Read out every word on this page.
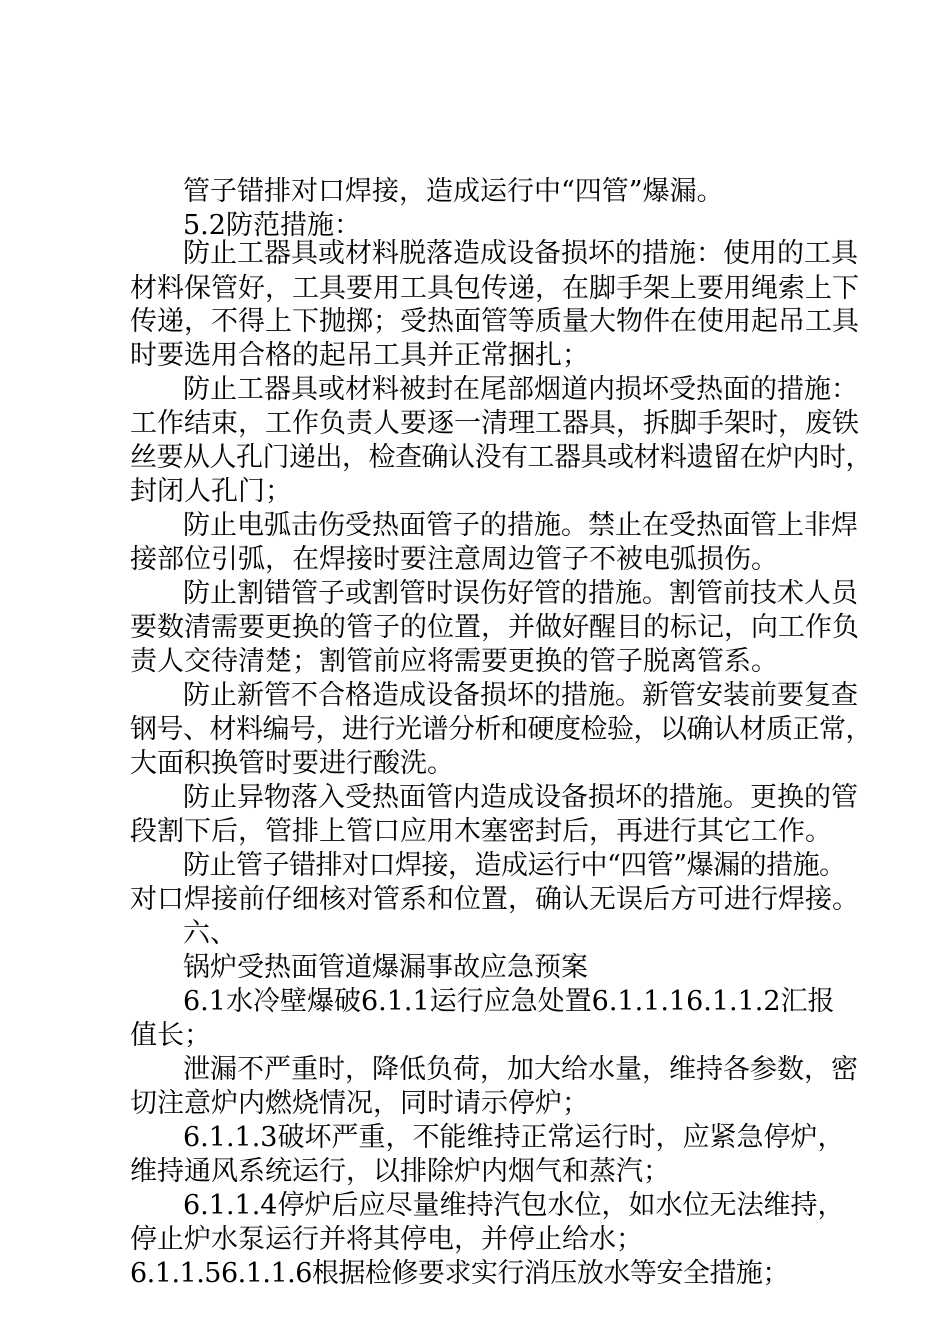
管子错排对口焊接，造成运行中“四管”爆漏。
5.2防范措施：
防止工器具或材料脱落造成设备损坏的措施：使用的工具
材料保管好，工具要用工具包传递，在脚手架上要用绳索上下
传递，不得上下抛掷；受热面管等质量大物件在使用起吊工具
时要选用合格的起吊工具并正常捆扎；
防止工器具或材料被封在尾部烟道内损坏受热面的措施：
工作结束，工作负责人要逐一清理工器具，拆脚手架时，废铁
丝要从人孔门递出，检查确认没有工器具或材料遗留在炉内时，
封闭人孔门；
防止电弧击伤受热面管子的措施。禁止在受热面管上非焊
接部位引弧，在焊接时要注意周边管子不被电弧损伤。
防止割错管子或割管时误伤好管的措施。割管前技术人员
要数清需要更换的管子的位置，并做好醒目的标记，向工作负
责人交待清楚；割管前应将需要更换的管子脱离管系。
防止新管不合格造成设备损坏的措施。新管安装前要复查
钢号、材料编号，进行光谱分析和硬度检验，以确认材质正常，
大面积换管时要进行酸洗。
防止异物落入受热面管内造成设备损坏的措施。更换的管
段割下后，管排上管口应用木塞密封后，再进行其它工作。
防止管子错排对口焊接，造成运行中“四管”爆漏的措施。
对口焊接前仔细核对管系和位置，确认无误后方可进行焊接。
六、
锅炉受热面管道爆漏事故应急预案
6.1水冷壁爆破6.1.1运行应急处置6.1.1.16.1.1.2汇报
值长；
泄漏不严重时，降低负荷，加大给水量，维持各参数，密
切注意炉内燃烧情况，同时请示停炉；
6.1.1.3破坏严重，不能维持正常运行时，应紧急停炉，
维持通风系统运行，以排除炉内烟气和蒸汽；
6.1.1.4停炉后应尽量维持汽包水位，如水位无法维持，
停止炉水泵运行并将其停电，并停止给水；
6.1.1.56.1.1.6根据检修要求实行消压放水等安全措施；
